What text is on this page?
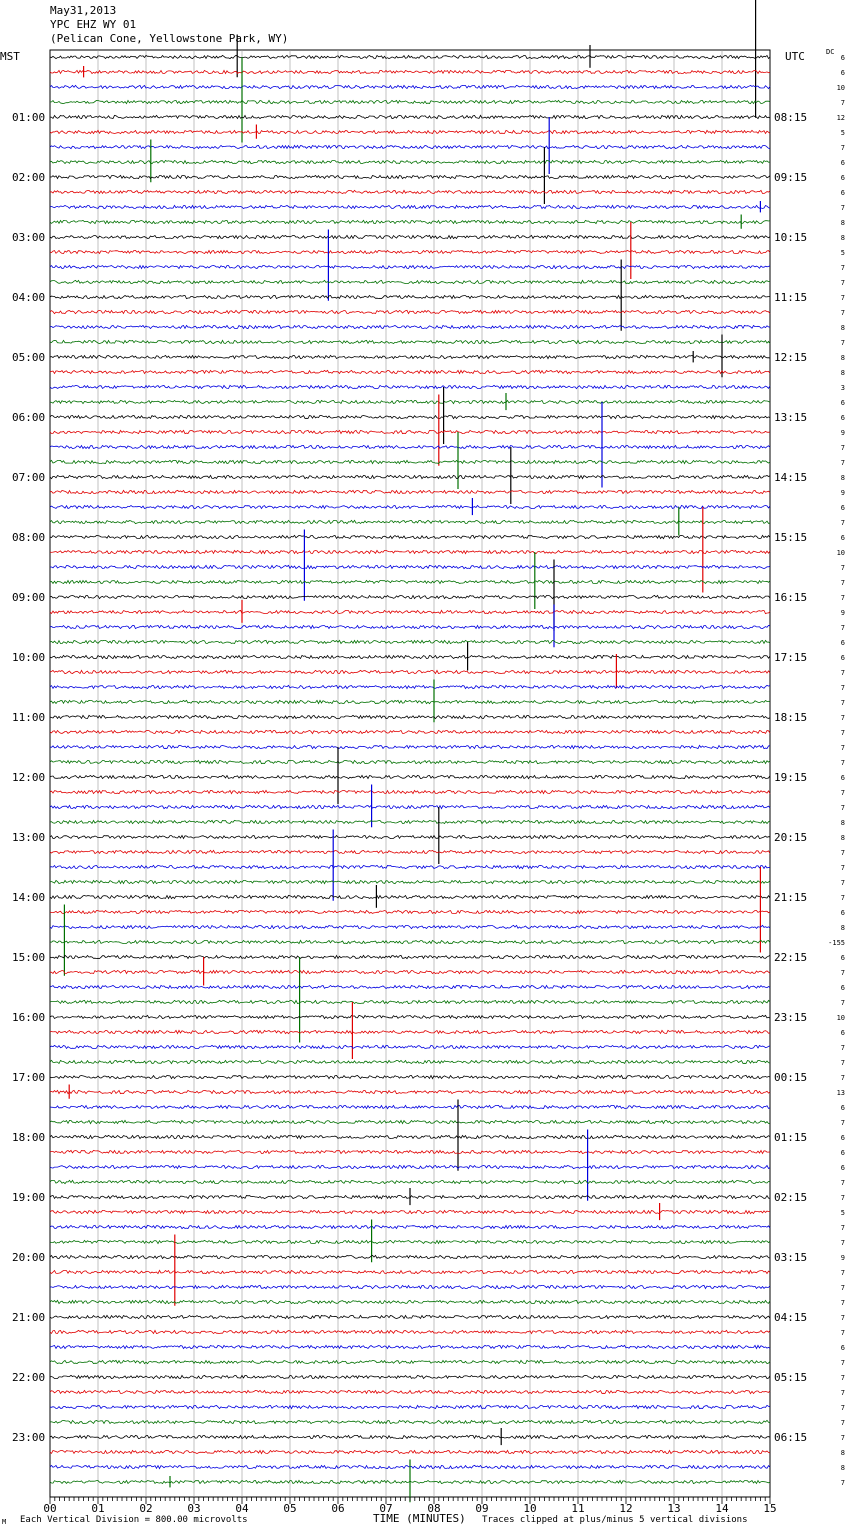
May31,2013
YPC EHZ WY 01
(Pelican Cone, Yellowstone Park, WY)
MST	UTC	DC
01:00	08:15
02:00	09:15
03:00	10:15
04:00	11:15
05:00	12:15
06:00	13:15
07:00	14:15
08:00	15:15
09:00	16:15
10:00	17:15
11:00	18:15
12:00	19:15
13:00	20:15
14:00	21:15
15:00	22:15
16:00	23:15
17:00	00:15
18:00	01:15
19:00	02:15
20:00	03:15
21:00	04:15
22:00	05:15
23:00	06:15
6
6
10
7
12
5
7
6
6
6
7
8
8
5
7
7
7
7
8
7
8
8
3
6
6
9
7
7
8
9
6
7
6
10
7
7
7
9
7
6
6
7
7
7
7
7
7
7
6
7
7
8
8
7
7
7
7
6
8
-155
6
7
6
7
10
6
7
7
7
13
6
7
6
6
6
7
7
5
7
7
9
7
7
7
7
7
6
7
7
7
7
7
7
8
8
7
00	01	02	03	04	05	06	07	08	09	10	11	12	13	14	15
M Each Vertical Division = 800.00 microvolts	TIME (MINUTES) Traces clipped at plus/minus 5 vertical divisions
